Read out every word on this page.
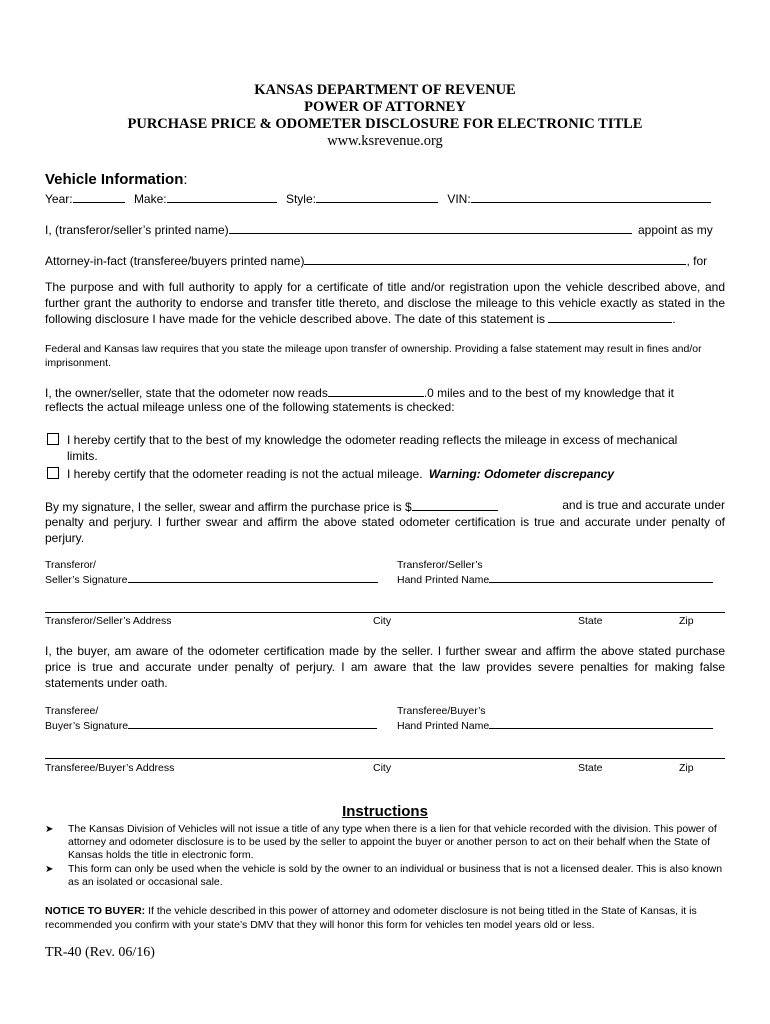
KANSAS DEPARTMENT OF REVENUE
POWER OF ATTORNEY
PURCHASE PRICE & ODOMETER DISCLOSURE FOR ELECTRONIC TITLE
www.ksrevenue.org
Vehicle Information:
Year:	Make:	Style:	VIN:
I, (transferor/seller’s printed name)	appoint as my
Attorney-in-fact (transferee/buyers printed name)	, for
The purpose and with full authority to apply for a certificate of title and/or registration upon the vehicle described above, and further grant the authority to endorse and transfer title thereto, and disclose the mileage to this vehicle exactly as stated in the following disclosure I have made for the vehicle described above. The date of this statement is	.
Federal and Kansas law requires that you state the mileage upon transfer of ownership. Providing a false statement may result in fines and/or imprisonment.
I, the owner/seller, state that the odometer now reads	.0 miles and to the best of my knowledge that it
reflects the actual mileage unless one of the following statements is checked:
I hereby certify that to the best of my knowledge the odometer reading reflects the mileage in excess of mechanical
limits.
I hereby certify that the odometer reading is not the actual mileage. Warning: Odometer discrepancy
By my signature, I the seller, swear and affirm the purchase price is $	and is true and accurate under
penalty and perjury. I further swear and affirm the above stated odometer certification is true and accurate under penalty of perjury.
Transferor/
Seller’s Signature
Transferor/Seller’s
Hand Printed Name
Transferor/Seller’s Address	City	State	Zip
I, the buyer, am aware of the odometer certification made by the seller. I further swear and affirm the above stated purchase price is true and accurate under penalty of perjury. I am aware that the law provides severe penalties for making false statements under oath.
Transferee/
Buyer’s Signature
Transferee/Buyer’s
Hand Printed Name
Transferee/Buyer’s Address	City	State	Zip
Instructions
➤ The Kansas Division of Vehicles will not issue a title of any type when there is a lien for that vehicle recorded with the division. This power of attorney and odometer disclosure is to be used by the seller to appoint the buyer or another person to act on their behalf when the State of Kansas holds the title in electronic form.
➤ This form can only be used when the vehicle is sold by the owner to an individual or business that is not a licensed dealer. This is also known as an isolated or occasional sale.
NOTICE TO BUYER: If the vehicle described in this power of attorney and odometer disclosure is not being titled in the State of Kansas, it is recommended you confirm with your state’s DMV that they will honor this form for vehicles ten model years old or less.
TR-40 (Rev. 06/16)
